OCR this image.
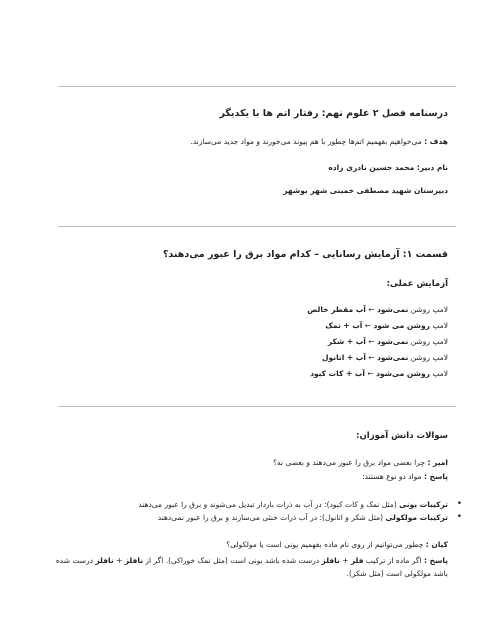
درسنامه فصل ۲ علوم نهم: رفتار اتم ها با یکدیگر
هدف : می‌خواهیم بفهمیم اتم‌ها چطور با هم پیوند می‌خورند و مواد جدید می‌سازند.
نام دبیر: محمد حسین نادری زاده
دبیرستان شهید مصطفی خمینی شهر بوشهر
قسمت ۱: آزمایش رسانایی – کدام مواد برق را عبور می‌دهند؟
آزمایش عملی:
لامپ روشن نمی‌شود ← آب مقطر خالص
لامپ روشن می‌ شود ← آب + نمک
لامپ روشن نمی‌شود ← آب + شکر
لامپ روشن نمی‌شود ← آب + اتانول
لامپ روشن می‌شود ← آب + کات کبود
سوالات دانش آموزان:
امیر : چرا بعضی مواد برق را عبور می‌دهند و بعضی نه؟
پاسخ : مواد دو نوع هستند:
•
ترکیبات یونی (مثل نمک و کات کبود): در آب به ذرات باردار تبدیل می‌شوند و برق را عبور می‌دهند
•
ترکیبات مولکولی (مثل شکر و اتانول): در آب ذرات خنثی می‌سازند و برق را عبور نمی‌دهند
کیان : چطور می‌توانیم از روی نام ماده بفهمیم یونی است یا مولکولی؟
پاسخ : اگر ماده از ترکیب فلز + نافلز درست شده باشد یونی است (مثل نمک خوراکی). اگر از نافلز + نافلز درست شده باشد مولکولی است (مثل شکر).
